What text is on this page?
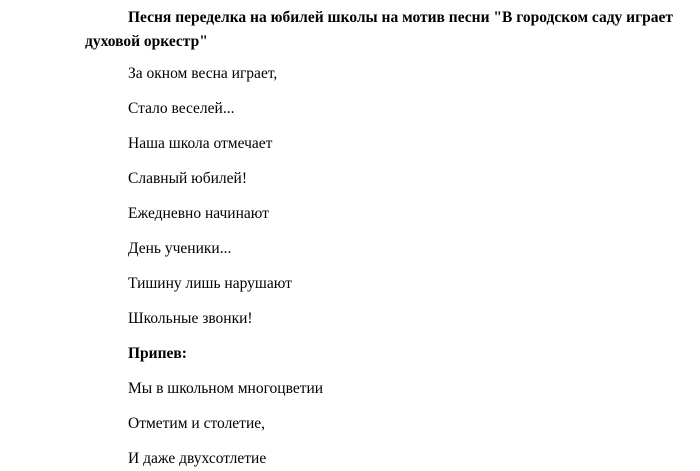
Песня переделка на юбилей школы на мотив песни "В городском саду играет духовой оркестр"

За окном весна играет,

Стало веселей...

Наша школа отмечает

Славный юбилей!

Ежедневно начинают

День ученики...

Тишину лишь нарушают

Школьные звонки!

Припев:

Мы в школьном многоцветии

Отметим и столетие,

И даже двухсотлетие
